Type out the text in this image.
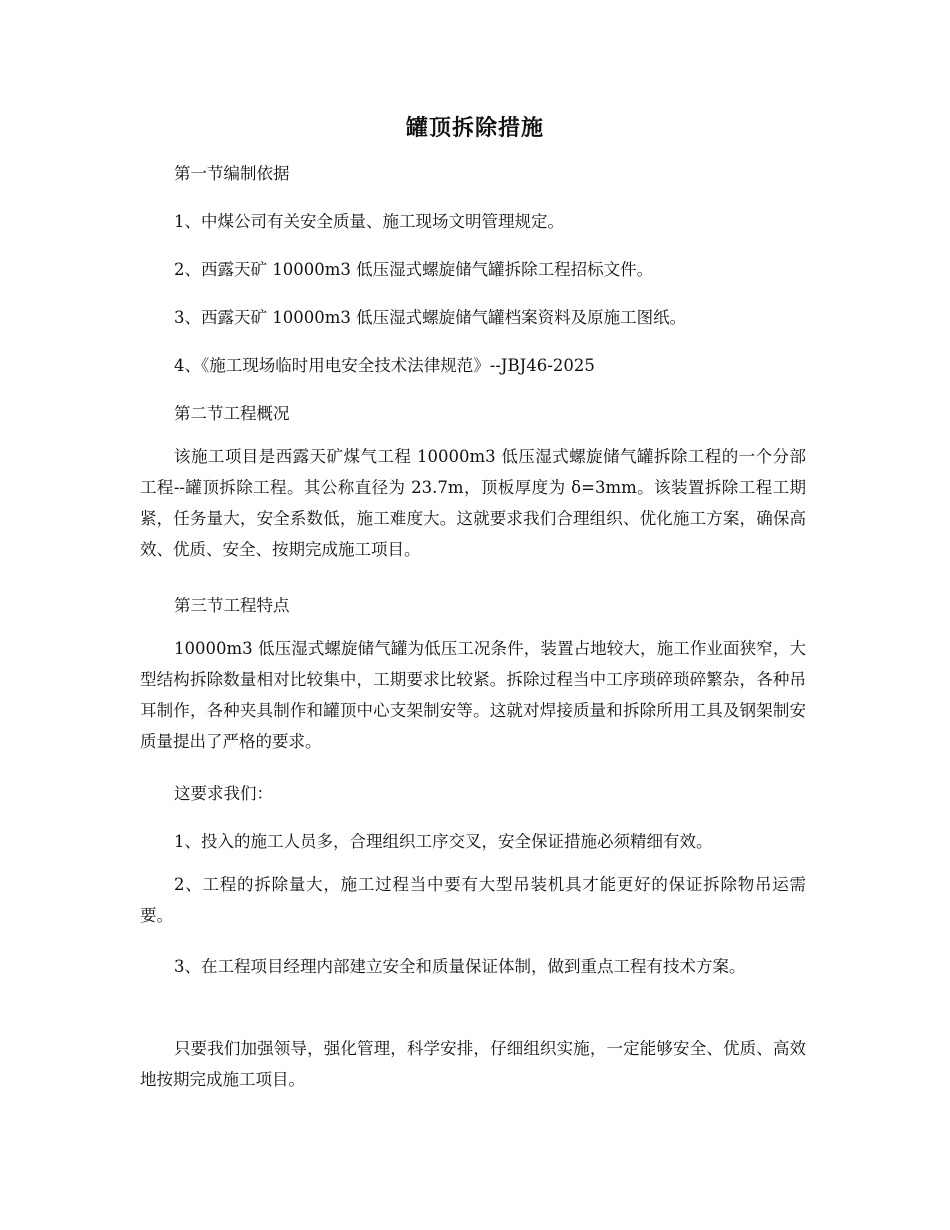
罐顶拆除措施
第一节编制依据
1、中煤公司有关安全质量、施工现场文明管理规定。
2、西露天矿 10000m3 低压湿式螺旋储气罐拆除工程招标文件。
3、西露天矿 10000m3 低压湿式螺旋储气罐档案资料及原施工图纸。
4、《施工现场临时用电安全技术法律规范》--JBJ46-2025
第二节工程概况
该施工项目是西露天矿煤气工程 10000m3 低压湿式螺旋储气罐拆除工程的一个分部工程--罐顶拆除工程。其公称直径为 23.7m，顶板厚度为 δ=3mm。该装置拆除工程工期紧，任务量大，安全系数低，施工难度大。这就要求我们合理组织、优化施工方案，确保高效、优质、安全、按期完成施工项目。
第三节工程特点
10000m3 低压湿式螺旋储气罐为低压工况条件，装置占地较大，施工作业面狭窄，大型结构拆除数量相对比较集中，工期要求比较紧。拆除过程当中工序琐碎琐碎繁杂，各种吊耳制作，各种夹具制作和罐顶中心支架制安等。这就对焊接质量和拆除所用工具及钢架制安质量提出了严格的要求。
这要求我们：
1、投入的施工人员多，合理组织工序交叉，安全保证措施必须精细有效。
2、工程的拆除量大，施工过程当中要有大型吊装机具才能更好的保证拆除物吊运需要。
3、在工程项目经理内部建立安全和质量保证体制，做到重点工程有技术方案。
只要我们加强领导，强化管理，科学安排，仔细组织实施，一定能够安全、优质、高效地按期完成施工项目。
